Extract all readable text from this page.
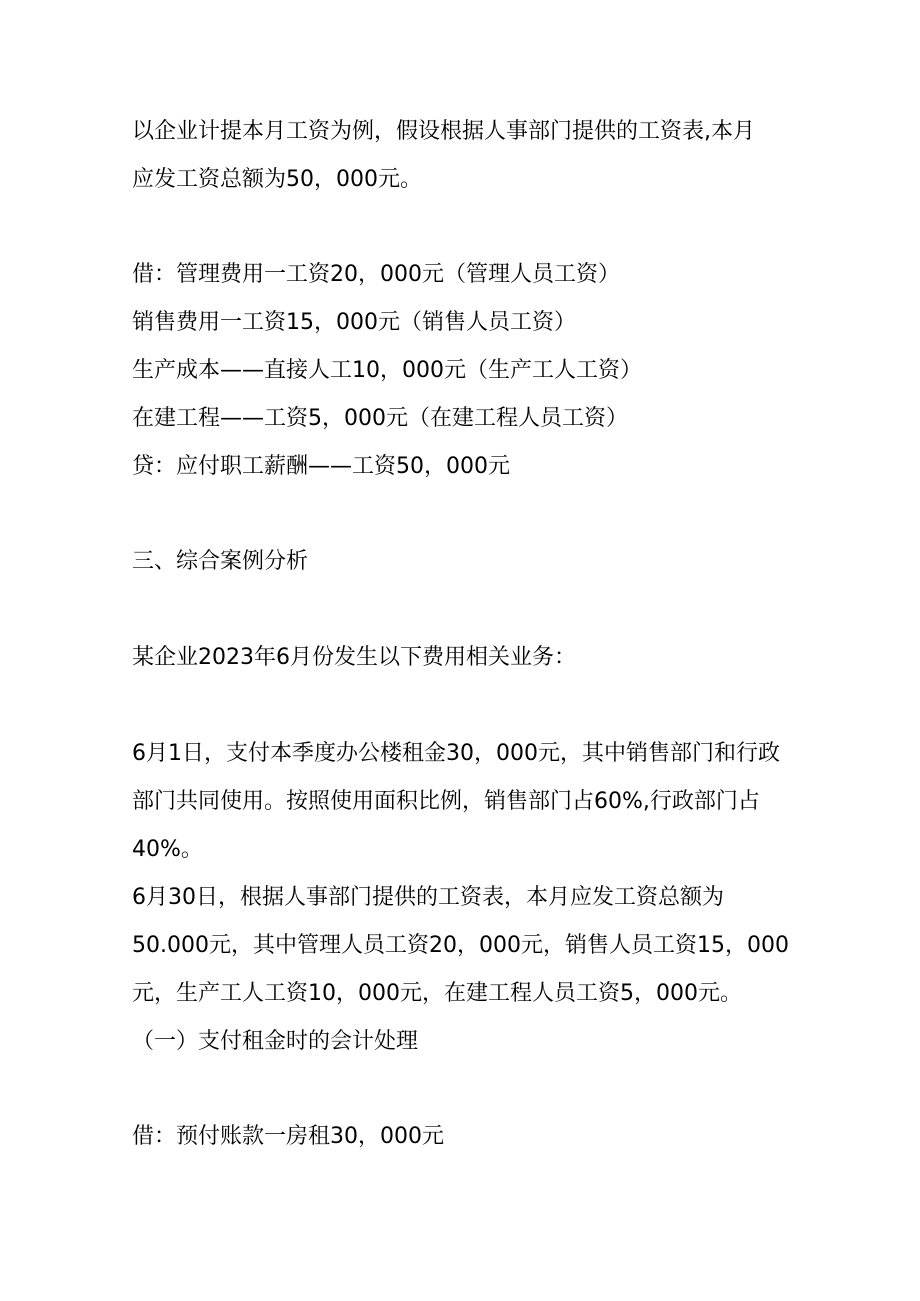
以企业计提本月工资为例，假设根据人事部门提供的工资表,本月
应发工资总额为50，000元。
借：管理费用一工资20，000元（管理人员工资）
销售费用一工资15，000元（销售人员工资）
生产成本——直接人工10，000元（生产工人工资）
在建工程——工资5，000元（在建工程人员工资）
贷：应付职工薪酬——工资50，000元
三、综合案例分析
某企业2023年6月份发生以下费用相关业务：
6月1日，支付本季度办公楼租金30，000元，其中销售部门和行政
部门共同使用。按照使用面积比例，销售部门占60%,行政部门占
40%。
6月30日，根据人事部门提供的工资表，本月应发工资总额为
50.000元，其中管理人员工资20，000元，销售人员工资15，000
元，生产工人工资10，000元，在建工程人员工资5，000元。
（一）支付租金时的会计处理
借：预付账款一房租30，000元
